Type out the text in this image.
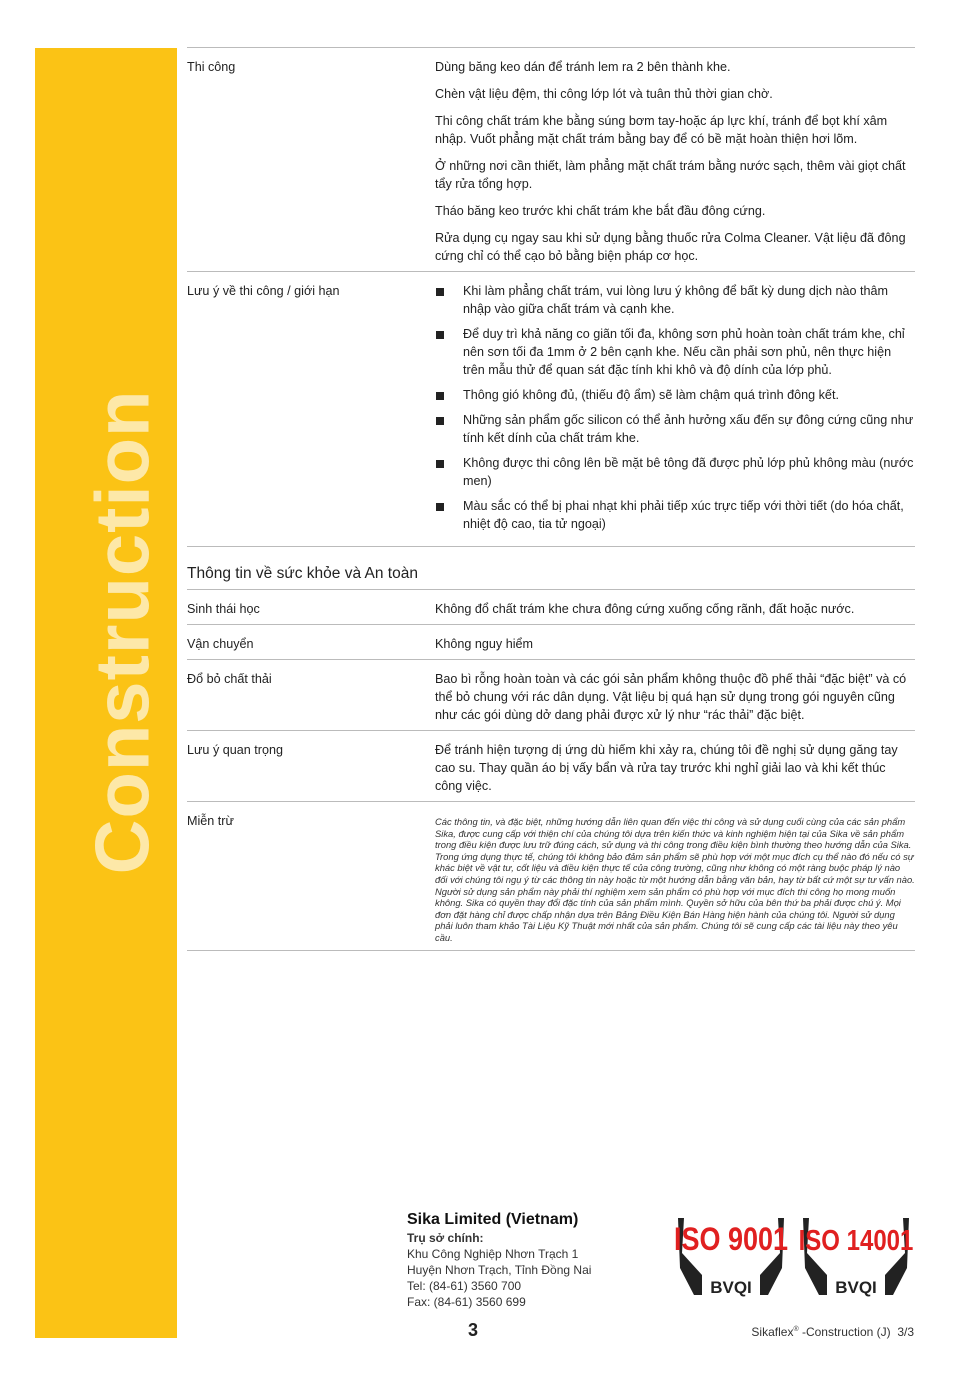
Construction
Thi công	Dùng băng keo dán để tránh lem ra 2 bên thành khe.

Chèn vật liệu đệm, thi công lớp lót và tuân thủ thời gian chờ.

Thi công chất trám khe bằng súng bơm tay-hoặc áp lực khí, tránh để bọt khí xâm nhập. Vuốt phẳng mặt chất trám bằng bay để có bề mặt hoàn thiện hơi lõm.

Ở những nơi cần thiết, làm phẳng mặt chất trám bằng nước sạch, thêm vài giọt chất tẩy rửa tổng hợp.

Tháo băng keo trước khi chất trám khe bắt đầu đông cứng.

Rửa dụng cụ ngay sau khi sử dụng bằng thuốc rửa Colma Cleaner. Vật liệu đã đông cứng chỉ có thể cạo bỏ bằng biện pháp cơ học.

Lưu ý về thi công / giới hạn	Khi làm phẳng chất trám, vui lòng lưu ý không để bất kỳ dung dịch nào thâm nhập vào giữa chất trám và cạnh khe.
Để duy trì khả năng co giãn tối đa, không sơn phủ hoàn toàn chất trám khe, chỉ nên sơn tối đa 1mm ở 2 bên cạnh khe. Nếu cần phải sơn phủ, nên thực hiện trên mẫu thử để quan sát đặc tính khi khô và độ dính của lớp phủ.
Thông gió không đủ, (thiếu độ ẩm) sẽ làm chậm quá trình đông kết.
Những sản phẩm gốc silicon có thể ảnh hưởng xấu đến sự đông cứng cũng như tính kết dính của chất trám khe.
Không được thi công lên bề mặt bê tông đã được phủ lớp phủ không màu (nước men)
Màu sắc có thể bị phai nhạt khi phải tiếp xúc trực tiếp với thời tiết (do hóa chất, nhiệt độ cao, tia tử ngoại)
Thông tin về sức khỏe và An toàn
Sinh thái học	Không đổ chất trám khe chưa đông cứng xuống cống rãnh, đất hoặc nước.
Vận chuyển	Không nguy hiểm
Đổ bỏ chất thải	Bao bì rỗng hoàn toàn và các gói sản phẩm không thuộc đồ phế thải “đặc biệt” và có thể bỏ chung với rác dân dụng. Vật liệu bị quá hạn sử dụng trong gói nguyên cũng như các gói dùng dở dang phải được xử lý như “rác thải” đặc biệt.
Lưu ý quan trọng	Để tránh hiện tượng dị ứng dù hiếm khi xảy ra, chúng tôi đề nghị sử dụng găng tay cao su. Thay quần áo bị vấy bẩn và rửa tay trước khi nghỉ giải lao và khi kết thúc công việc.
Miễn trừ	Các thông tin, và đặc biệt, những hướng dẫn liên quan đến việc thi công và sử dụng cuối cùng của các sản phẩm Sika, được cung cấp với thiện chí của chúng tôi dựa trên kiến thức và kinh nghiệm hiện tại của Sika về sản phẩm trong điều kiện được lưu trữ đúng cách, sử dụng và thi công trong điều kiện bình thường theo hướng dẫn của Sika. Trong ứng dụng thực tế, chúng tôi không bảo đảm sản phẩm sẽ phù hợp với một mục đích cụ thể nào đó nếu có sự khác biệt về vật tư, cốt liệu và điều kiện thực tế của công trường, cũng như không có một ràng buộc pháp lý nào đối với chúng tôi ngụ ý từ các thông tin này hoặc từ một hướng dẫn bằng văn bản, hay từ bất cứ một sự tư vấn nào. Người sử dụng sản phẩm này phải thí nghiệm xem sản phẩm có phù hợp với mục đích thi công họ mong muốn không. Sika có quyền thay đổi đặc tính của sản phẩm mình. Quyền sở hữu của bên thứ ba phải được chú ý. Mọi đơn đặt hàng chỉ được chấp nhận dựa trên Bảng Điều Kiện Bán Hàng hiện hành của chúng tôi. Người sử dụng phải luôn tham khảo Tài Liệu Kỹ Thuật mới nhất của sản phẩm. Chúng tôi sẽ cung cấp các tài liệu này theo yêu cầu.
Sika Limited (Vietnam)
Trụ sở chính:
Khu Công Nghiệp Nhơn Trạch 1
Huyện Nhơn Trạch, Tỉnh Đồng Nai
Tel: (84-61) 3560 700
Fax: (84-61) 3560 699
ISO 9001
BVQI
ISO 14001
BVQI
3	Sikaflex® -Construction (J)  3/3
